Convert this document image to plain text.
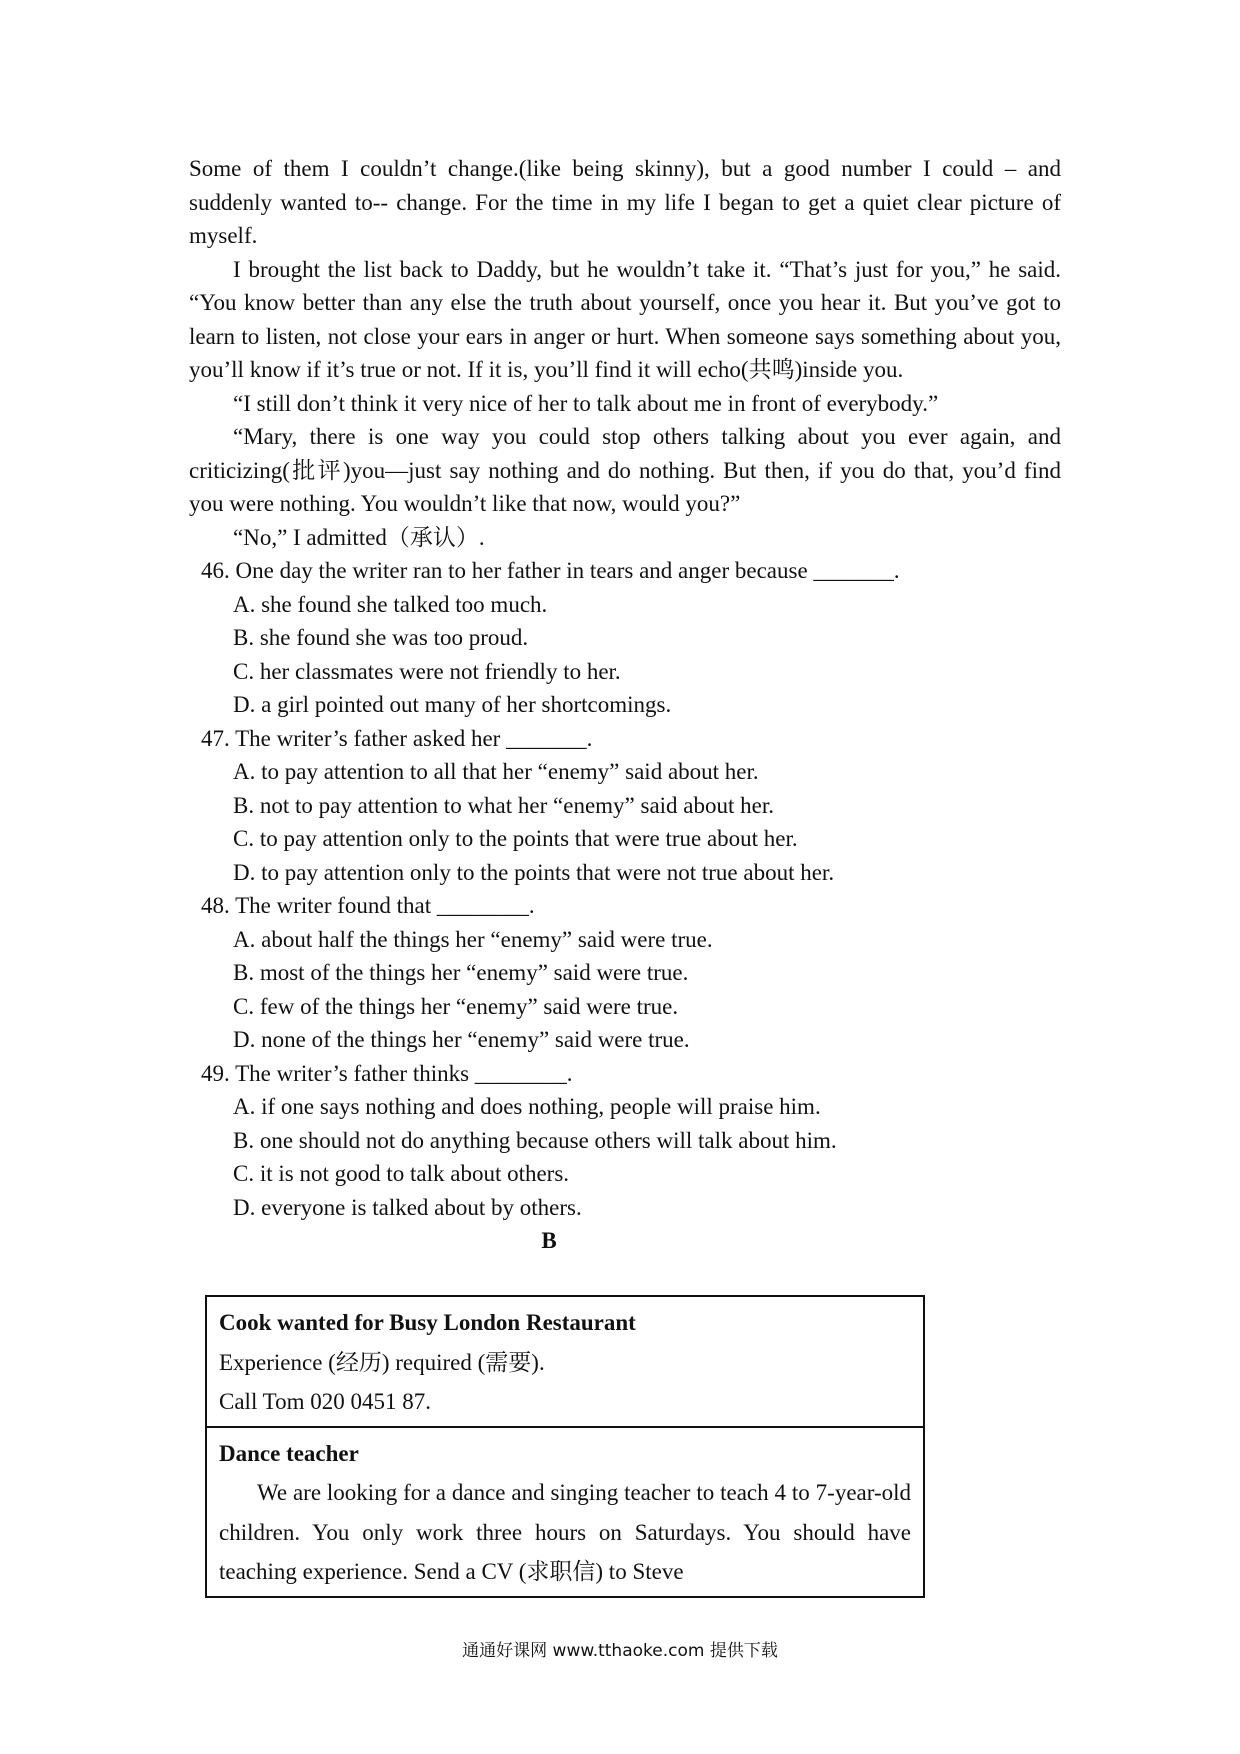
Some of them I couldn’t change.(like being skinny), but a good number I could – and suddenly wanted to-- change. For the time in my life I began to get a quiet clear picture of myself.

I brought the list back to Daddy, but he wouldn’t take it. “That’s just for you,” he said. “You know better than any else the truth about yourself, once you hear it. But you’ve got to learn to listen, not close your ears in anger or hurt. When someone says something about you, you’ll know if it’s true or not. If it is, you’ll find it will echo(共鸣)inside you.

“I still don’t think it very nice of her to talk about me in front of everybody.”

“Mary, there is one way you could stop others talking about you ever again, and criticizing(批评)you—just say nothing and do nothing. But then, if you do that, you’d find you were nothing. You wouldn’t like that now, would you?”

“No,” I admitted（承认）.

46. One day the writer ran to her father in tears and anger because _______.

A. she found she talked too much.

B. she found she was too proud.

C. her classmates were not friendly to her.

D. a girl pointed out many of her shortcomings.

47. The writer’s father asked her _______.

A. to pay attention to all that her “enemy” said about her.

B. not to pay attention to what her “enemy” said about her.

C. to pay attention only to the points that were true about her.

D. to pay attention only to the points that were not true about her.

48. The writer found that ________.

A. about half the things her “enemy” said were true.

B. most of the things her “enemy” said were true.

C. few of the things her “enemy” said were true.

D. none of the things her “enemy” said were true.

49. The writer’s father thinks ________.

A. if one says nothing and does nothing, people will praise him.

B. one should not do anything because others will talk about him.

C. it is not good to talk about others.

D. everyone is talked about by others.

B

Cook wanted for Busy London Restaurant

Experience (经历) required (需要).

Call Tom 020 0451 87.

Dance teacher

We are looking for a dance and singing teacher to teach 4 to 7-year-old children. You only work three hours on Saturdays. You should have teaching experience. Send a CV (求职信) to Steve

通通好课网 www.tthaoke.com 提供下载
